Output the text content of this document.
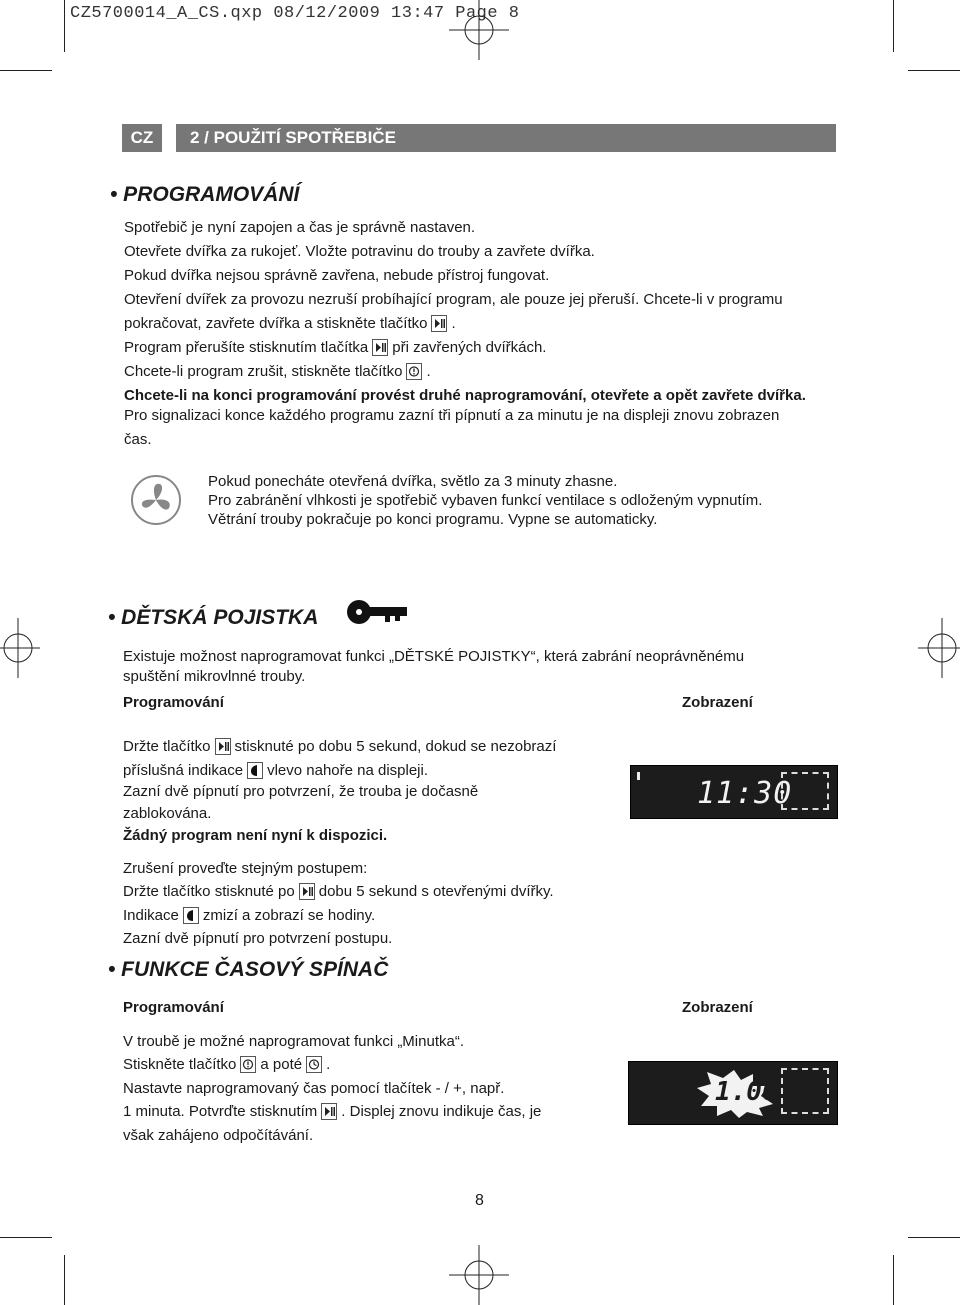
CZ5700014_A_CS.qxp 08/12/2009 13:47 Page 8
CZ	2 / POUŽITÍ SPOTŘEBIČE
• PROGRAMOVÁNÍ
Spotřebič je nyní zapojen a čas je správně nastaven.
Otevřete dvířka za rukojeť. Vložte potravinu do trouby a zavřete dvířka.
Pokud dvířka nejsou správně zavřena, nebude přístroj fungovat.
Otevření dvířek za provozu nezruší probíhající program, ale pouze jej přeruší. Chcete-li v programu
pokračovat, zavřete dvířka a stiskněte tlačítko .
Program přerušíte stisknutím tlačítka při zavřených dvířkách.
Chcete-li program zrušit, stiskněte tlačítko .
Chcete-li na konci programování provést druhé naprogramování, otevřete a opět zavřete dvířka.
Pro signalizaci konce každého programu zazní tři pípnutí a za minutu je na displeji znovu zobrazen
čas.
Pokud ponecháte otevřená dvířka, světlo za 3 minuty zhasne.
Pro zabránění vlhkosti je spotřebič vybaven funkcí ventilace s odloženým vypnutím.
Větrání trouby pokračuje po konci programu. Vypne se automaticky.
• DĚTSKÁ POJISTKA
Existuje možnost naprogramovat funkci „DĚTSKÉ POJISTKY“, která zabrání neoprávněnému
spuštění mikrovlnné trouby.
Programování	Zobrazení
Držte tlačítko stisknuté po dobu 5 sekund, dokud se nezobrazí
příslušná indikace vlevo nahoře na displeji.
Zazní dvě pípnutí pro potvrzení, že trouba je dočasně
zablokována.
Žádný program není nyní k dispozici.
Zrušení proveďte stejným postupem:
Držte tlačítko stisknuté po dobu 5 sekund s otevřenými dvířky.
Indikace zmizí a zobrazí se hodiny.
Zazní dvě pípnutí pro potvrzení postupu.
11:30
• FUNKCE ČASOVÝ SPÍNAČ
Programování	Zobrazení
V troubě je možné naprogramovat funkci „Minutka“.
Stiskněte tlačítko a poté .
Nastavte naprogramovaný čas pomocí tlačítek - / +, např.
1 minuta. Potvrďte stisknutím . Displej znovu indikuje čas, je
však zahájeno odpočítávání.
1.00
8
